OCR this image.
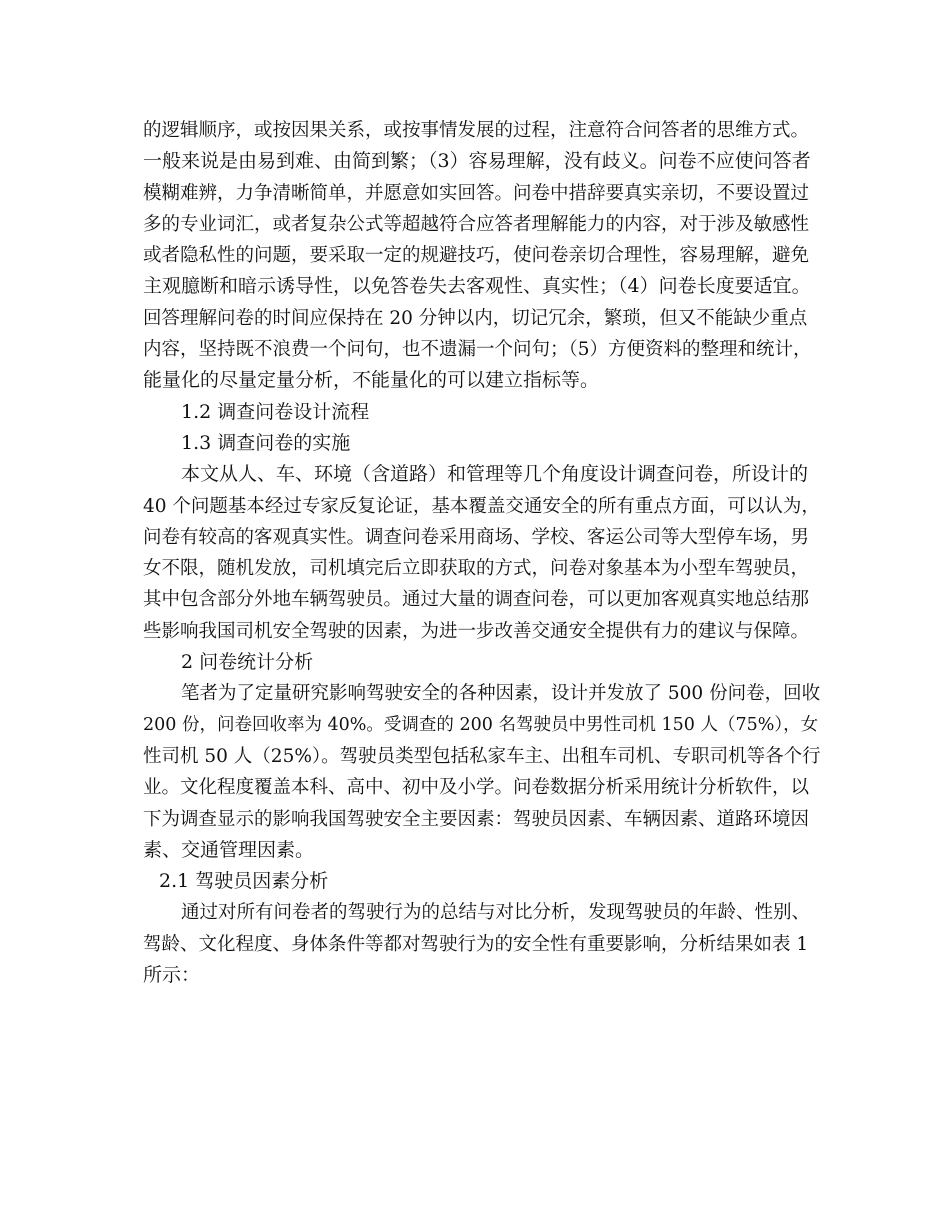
的逻辑顺序，或按因果关系，或按事情发展的过程，注意符合问答者的思维方式。
一般来说是由易到难、由简到繁；（3）容易理解，没有歧义。问卷不应使问答者
模糊难辨，力争清晰简单，并愿意如实回答。问卷中措辞要真实亲切，不要设置过
多的专业词汇，或者复杂公式等超越符合应答者理解能力的内容，对于涉及敏感性
或者隐私性的问题，要采取一定的规避技巧，使问卷亲切合理性，容易理解，避免
主观臆断和暗示诱导性，以免答卷失去客观性、真实性；（4）问卷长度要适宜。
回答理解问卷的时间应保持在 20 分钟以内，切记冗余，繁琐，但又不能缺少重点
内容，坚持既不浪费一个问句，也不遗漏一个问句；（5）方便资料的整理和统计，
能量化的尽量定量分析，不能量化的可以建立指标等。
1.2 调查问卷设计流程
1.3 调查问卷的实施
本文从人、车、环境（含道路）和管理等几个角度设计调查问卷，所设计的
40 个问题基本经过专家反复论证，基本覆盖交通安全的所有重点方面，可以认为，
问卷有较高的客观真实性。调查问卷采用商场、学校、客运公司等大型停车场，男
女不限，随机发放，司机填完后立即获取的方式，问卷对象基本为小型车驾驶员，
其中包含部分外地车辆驾驶员。通过大量的调查问卷，可以更加客观真实地总结那
些影响我国司机安全驾驶的因素，为进一步改善交通安全提供有力的建议与保障。
2 问卷统计分析
笔者为了定量研究影响驾驶安全的各种因素，设计并发放了 500 份问卷，回收
200 份，问卷回收率为 40%。受调查的 200 名驾驶员中男性司机 150 人（75%），女
性司机 50 人（25%）。驾驶员类型包括私家车主、出租车司机、专职司机等各个行
业。文化程度覆盖本科、高中、初中及小学。问卷数据分析采用统计分析软件，以
下为调查显示的影响我国驾驶安全主要因素：驾驶员因素、车辆因素、道路环境因
素、交通管理因素。
2.1 驾驶员因素分析
通过对所有问卷者的驾驶行为的总结与对比分析，发现驾驶员的年龄、性别、
驾龄、文化程度、身体条件等都对驾驶行为的安全性有重要影响，分析结果如表 1
所示：
